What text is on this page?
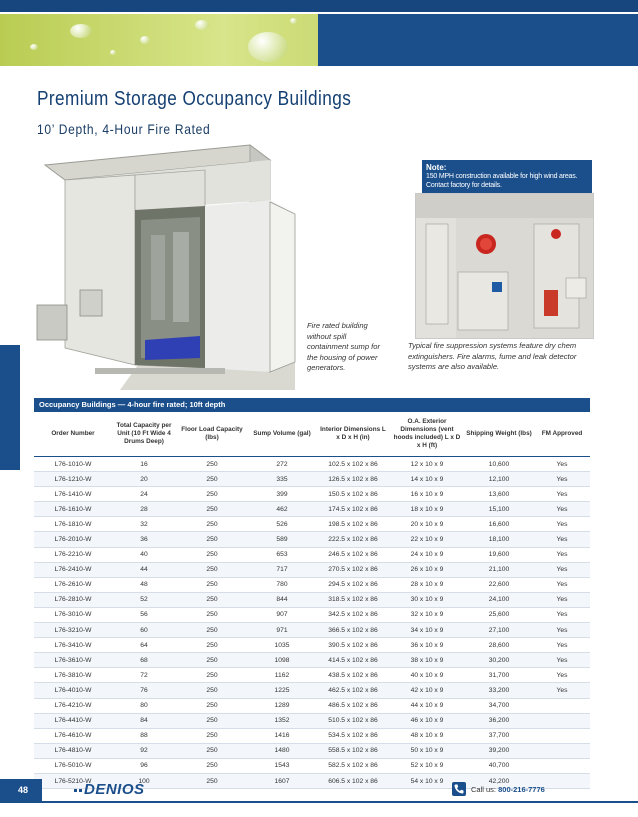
Premium Storage Occupancy Buildings
10’ Depth, 4-Hour Fire Rated
Note:
150 MPH construction available for high wind areas. Contact factory for details.
Fire rated building without spill containment sump for the housing of power generators.
Typical fire suppression systems feature dry chem extinguishers. Fire alarms, fume and leak detector systems are also available.
Occupancy Buildings — 4-hour fire rated; 10ft depth
Order Number	Total Capacity per Unit (10 Ft Wide 4 Drums Deep)	Floor Load Capacity (lbs)	Sump Volume (gal)	Interior Dimensions L x D x H (in)	O.A. Exterior Dimensions (vent hoods included) L x D x H (ft)	Shipping Weight (lbs)	FM Approved
L76-1010-W	16	250	272	102.5 x 102 x 86	12 x 10 x 9	10,600	Yes
L76-1210-W	20	250	335	126.5 x 102 x 86	14 x 10 x 9	12,100	Yes
L76-1410-W	24	250	399	150.5 x 102 x 86	16 x 10 x 9	13,600	Yes
L76-1610-W	28	250	462	174.5 x 102 x 86	18 x 10 x 9	15,100	Yes
L76-1810-W	32	250	526	198.5 x 102 x 86	20 x 10 x 9	16,600	Yes
L76-2010-W	36	250	589	222.5 x 102 x 86	22 x 10 x 9	18,100	Yes
L76-2210-W	40	250	653	246.5 x 102 x 86	24 x 10 x 9	19,600	Yes
L76-2410-W	44	250	717	270.5 x 102 x 86	26 x 10 x 9	21,100	Yes
L76-2610-W	48	250	780	294.5 x 102 x 86	28 x 10 x 9	22,600	Yes
L76-2810-W	52	250	844	318.5 x 102 x 86	30 x 10 x 9	24,100	Yes
L76-3010-W	56	250	907	342.5 x 102 x 86	32 x 10 x 9	25,600	Yes
L76-3210-W	60	250	971	366.5 x 102 x 86	34 x 10 x 9	27,100	Yes
L76-3410-W	64	250	1035	390.5 x 102 x 86	36 x 10 x 9	28,600	Yes
L76-3610-W	68	250	1098	414.5 x 102 x 86	38 x 10 x 9	30,200	Yes
L76-3810-W	72	250	1162	438.5 x 102 x 86	40 x 10 x 9	31,700	Yes
L76-4010-W	76	250	1225	462.5 x 102 x 86	42 x 10 x 9	33,200	Yes
L76-4210-W	80	250	1289	486.5 x 102 x 86	44 x 10 x 9	34,700	
L76-4410-W	84	250	1352	510.5 x 102 x 86	46 x 10 x 9	36,200	
L76-4610-W	88	250	1416	534.5 x 102 x 86	48 x 10 x 9	37,700	
L76-4810-W	92	250	1480	558.5 x 102 x 86	50 x 10 x 9	39,200	
L76-5010-W	96	250	1543	582.5 x 102 x 86	52 x 10 x 9	40,700	
L76-5210-W	100	250	1607	606.5 x 102 x 86	54 x 10 x 9	42,200	
48	DENIOS	Call us: 800-216-7776
